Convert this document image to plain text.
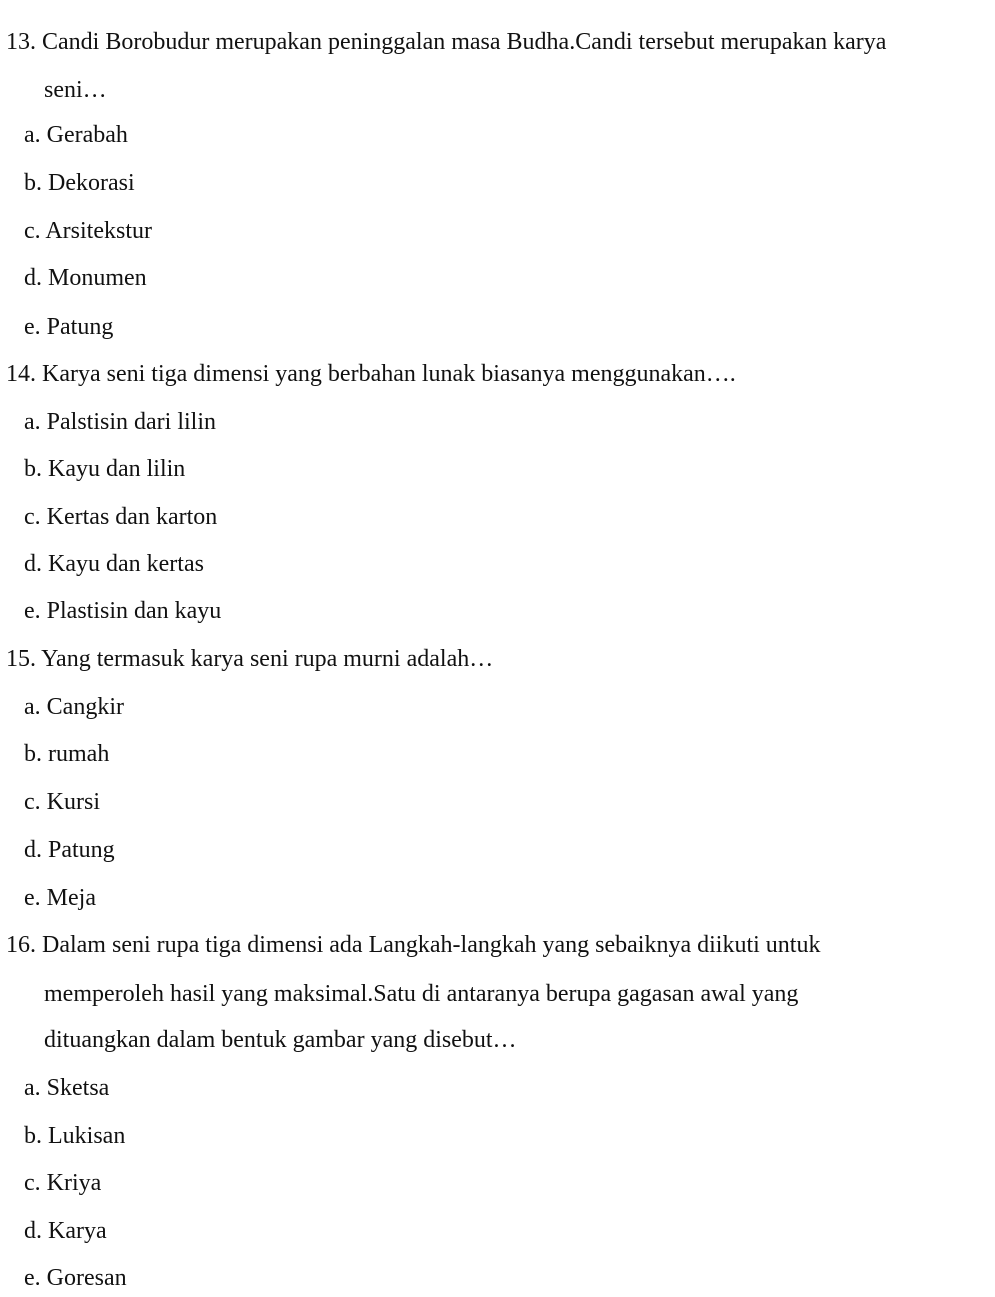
13. Candi Borobudur merupakan peninggalan masa Budha.Candi tersebut merupakan karya
seni…
a. Gerabah
b. Dekorasi
c. Arsitekstur
d. Monumen
e. Patung
14. Karya seni tiga dimensi yang berbahan lunak biasanya menggunakan….
a. Palstisin dari lilin
b. Kayu dan lilin
c. Kertas dan karton
d. Kayu dan kertas
e. Plastisin dan kayu
15. Yang termasuk karya seni rupa murni adalah…
a. Cangkir
b. rumah
c. Kursi
d. Patung
e. Meja
16. Dalam seni rupa tiga dimensi ada Langkah-langkah yang sebaiknya diikuti untuk
memperoleh hasil yang maksimal.Satu di antaranya berupa gagasan awal yang
dituangkan dalam bentuk gambar yang disebut…
a. Sketsa
b. Lukisan
c. Kriya
d. Karya
e. Goresan
